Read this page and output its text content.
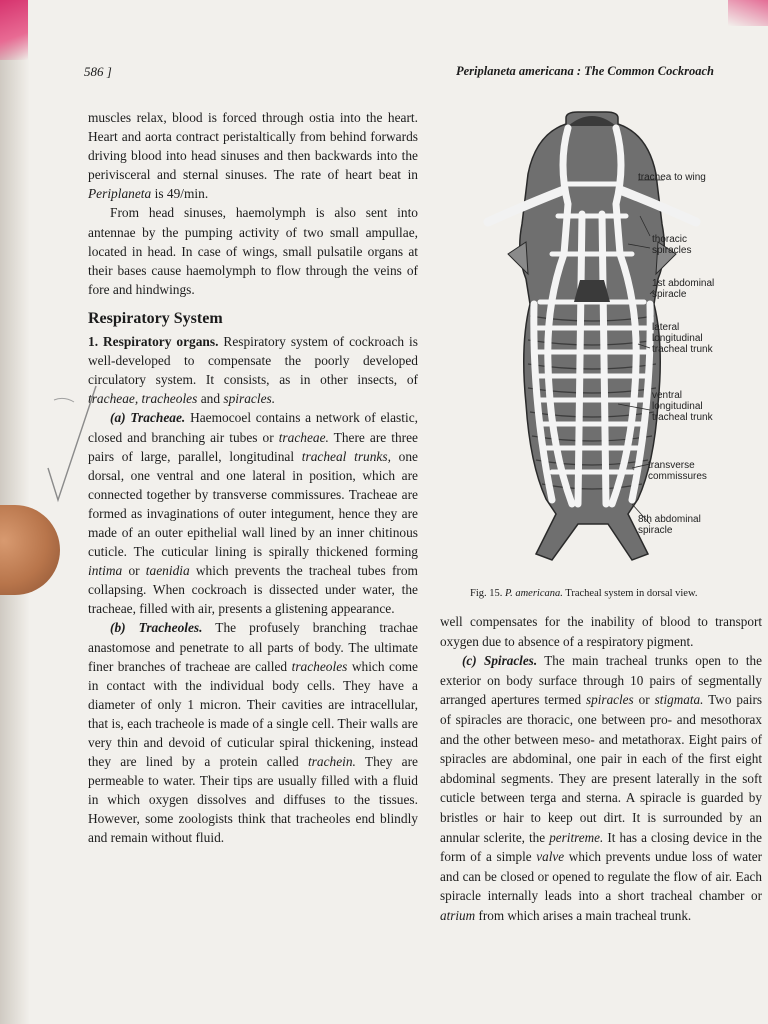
586 ]	Periplaneta americana : The Common Cockroach

muscles relax, blood is forced through ostia into the heart. Heart and aorta contract peristaltically from behind forwards driving blood into head sinuses and then backwards into the perivisceral and sternal sinuses. The rate of heart beat in Periplaneta is 49/min.

From head sinuses, haemolymph is also sent into antennae by the pumping activity of two small ampullae, located in head. In case of wings, small pulsatile organs at their bases cause haemolymph to flow through the veins of fore and hindwings.

Respiratory System

1. Respiratory organs. Respiratory system of cockroach is well-developed to compensate the poorly developed circulatory system. It consists, as in other insects, of tracheae, tracheoles and spiracles.

(a) Tracheae. Haemocoel contains a network of elastic, closed and branching air tubes or tracheae. There are three pairs of large, parallel, longitudinal tracheal trunks, one dorsal, one ventral and one lateral in position, which are connected together by transverse commissures. Tracheae are formed as invaginations of outer integument, hence they are made of an outer epithelial wall lined by an inner chitinous cuticle. The cuticular lining is spirally thickened forming intima or taenidia which prevents the tracheal tubes from collapsing. When cockroach is dissected under water, the tracheae, filled with air, presents a glistening appearance.

(b) Tracheoles. The profusely branching trachae anastomose and penetrate to all parts of body. The ultimate finer branches of tracheae are called tracheoles which come in contact with the individual body cells. They have a diameter of only 1 micron. Their cavities are intracellular, that is, each tracheole is made of a single cell. Their walls are very thin and devoid of cuticular spiral thickening, instead they are lined by a protein called trachein. They are permeable to water. Their tips are usually filled with a fluid in which oxygen dissolves and diffuses to the tissues. However, some zoologists think that tracheoles end blindly and remain without fluid.

trachea to wing
thoracic spiracles
1st abdominal spiracle
lateral longitudinal tracheal trunk
ventral longitudinal tracheal trunk
transverse commissures
8th abdominal spiracle
Fig. 15. P. americana. Tracheal system in dorsal view.

well compensates for the inability of blood to transport oxygen due to absence of a respiratory pigment.

(c) Spiracles. The main tracheal trunks open to the exterior on body surface through 10 pairs of segmentally arranged apertures termed spiracles or stigmata. Two pairs of spiracles are thoracic, one between pro- and mesothorax and the other between meso- and metathorax. Eight pairs of spiracles are abdominal, one pair in each of the first eight abdominal segments. They are present laterally in the soft cuticle between terga and sterna. A spiracle is guarded by bristles or hair to keep out dirt. It is surrounded by an annular sclerite, the peritreme. It has a closing device in the form of a simple valve which prevents undue loss of water and can be closed or opened to regulate the flow of air. Each spiracle internally leads into a short tracheal chamber or atrium from which arises a main tracheal trunk.
